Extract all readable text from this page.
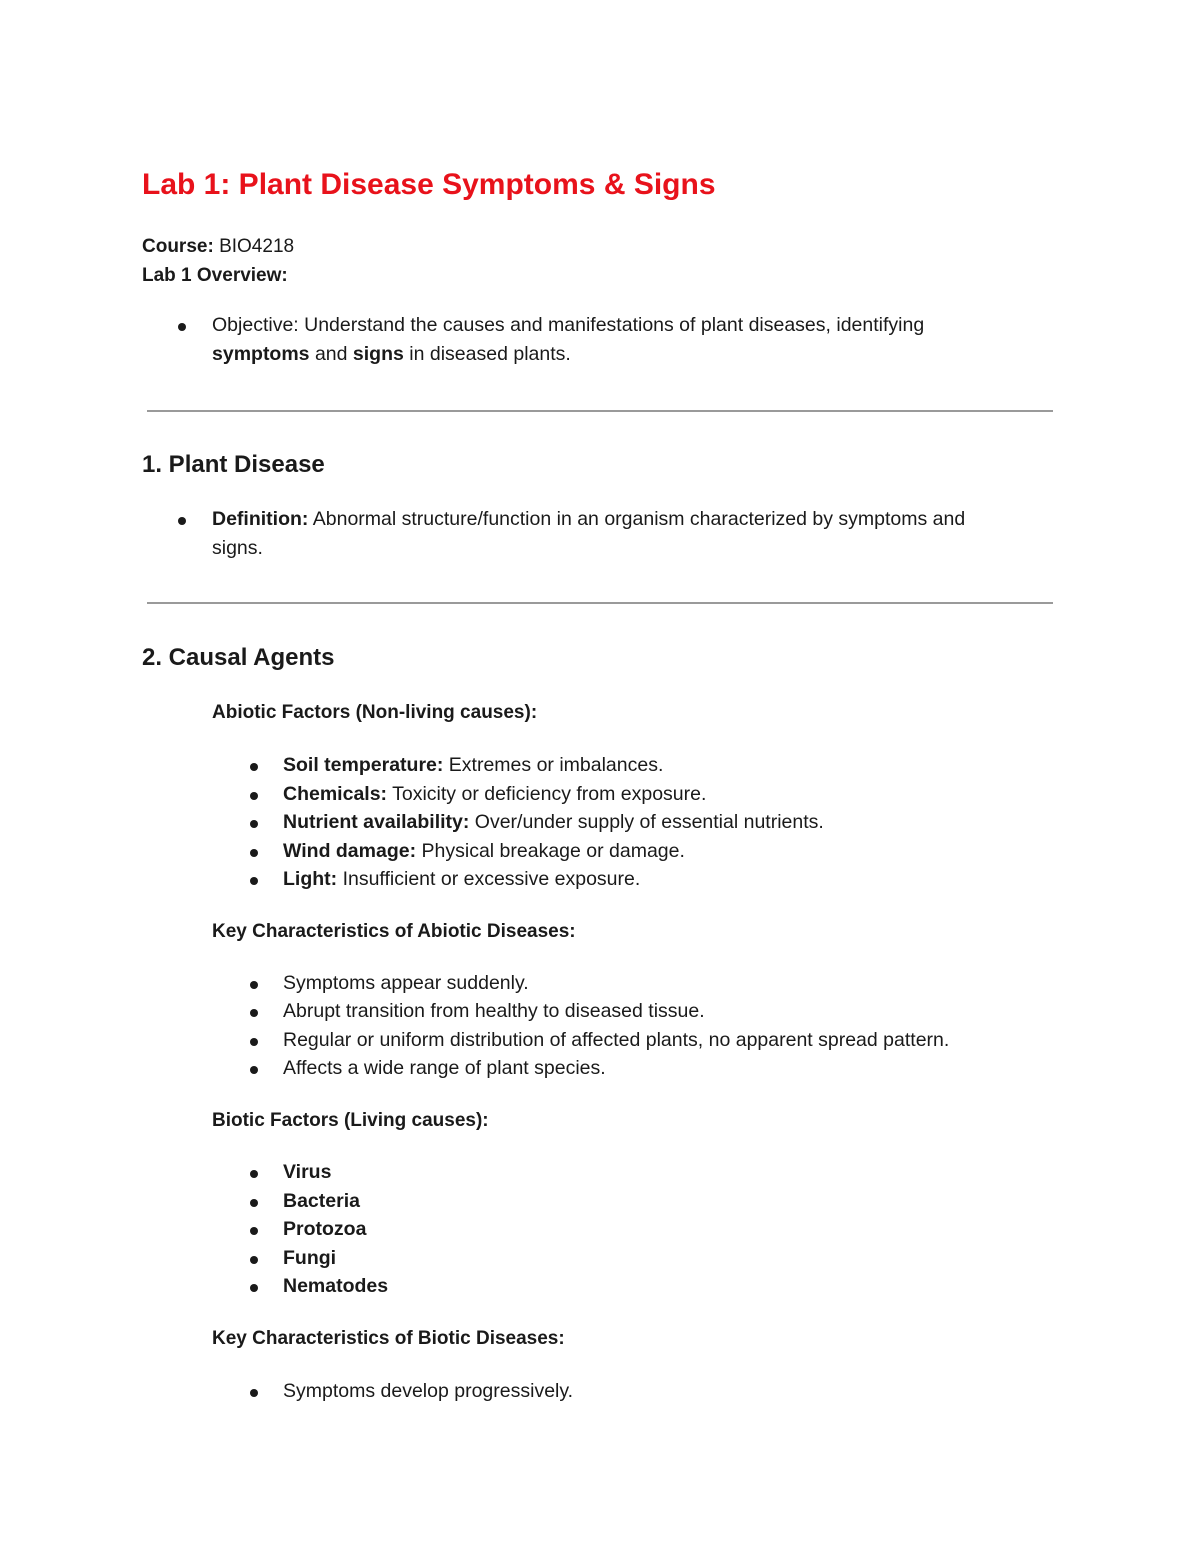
Lab 1: Plant Disease Symptoms & Signs
Course: BIO4218
Lab 1 Overview:
Objective: Understand the causes and manifestations of plant diseases, identifying
symptoms and signs in diseased plants.
1. Plant Disease
Definition: Abnormal structure/function in an organism characterized by symptoms and
signs.
2. Causal Agents
Abiotic Factors (Non-living causes):
Soil temperature: Extremes or imbalances.
Chemicals: Toxicity or deficiency from exposure.
Nutrient availability: Over/under supply of essential nutrients.
Wind damage: Physical breakage or damage.
Light: Insufficient or excessive exposure.
Key Characteristics of Abiotic Diseases:
Symptoms appear suddenly.
Abrupt transition from healthy to diseased tissue.
Regular or uniform distribution of affected plants, no apparent spread pattern.
Affects a wide range of plant species.
Biotic Factors (Living causes):
Virus
Bacteria
Protozoa
Fungi
Nematodes
Key Characteristics of Biotic Diseases:
Symptoms develop progressively.
